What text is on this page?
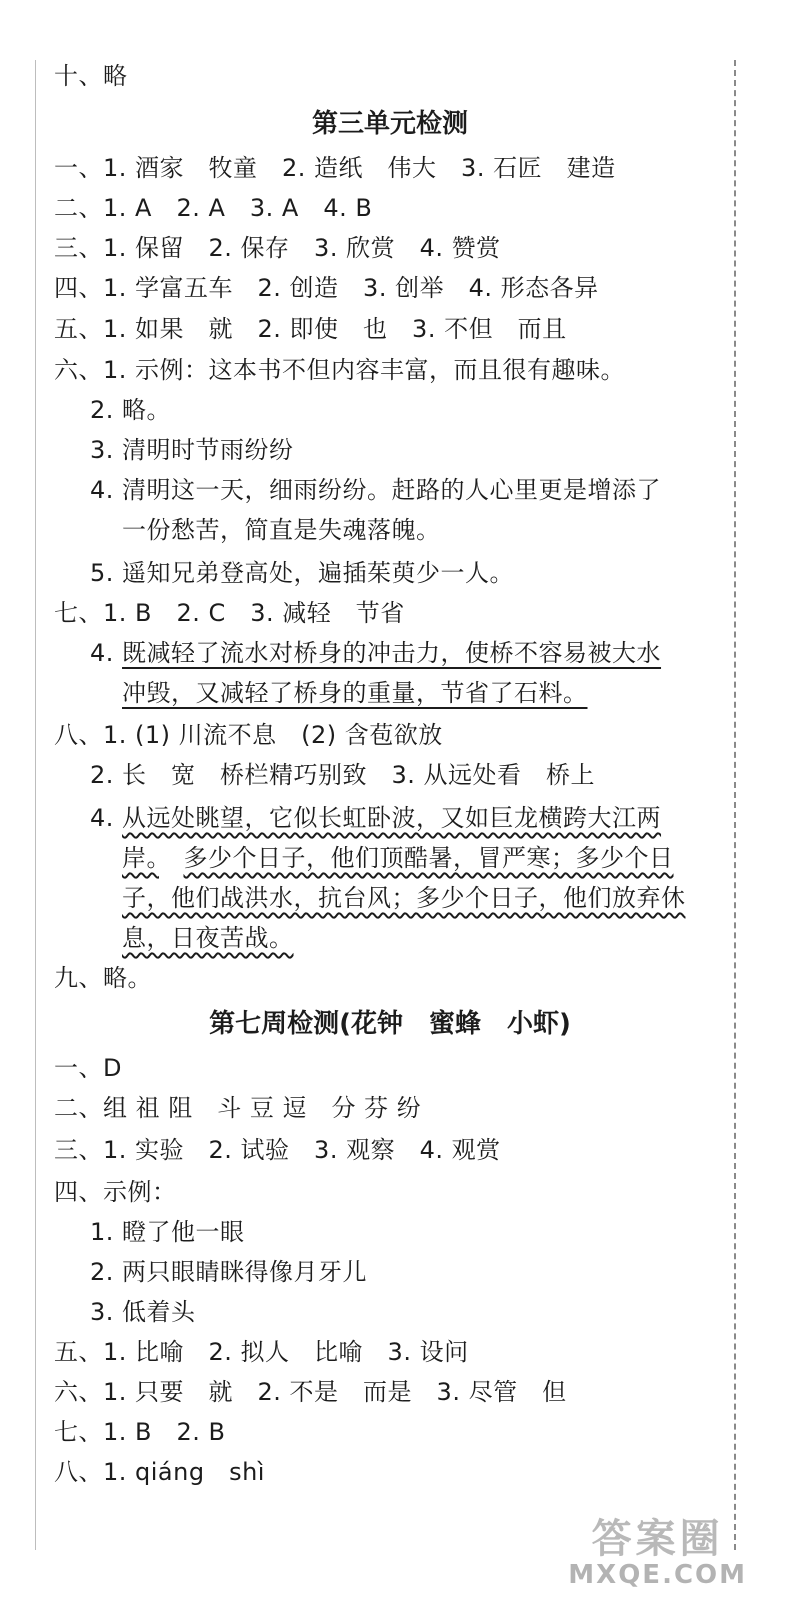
十、略
第三单元检测
一、1. 酒家　牧童　2. 造纸　伟大　3. 石匠　建造
二、1. A　2. A　3. A　4. B
三、1. 保留　2. 保存　3. 欣赏　4. 赞赏
四、1. 学富五车　2. 创造　3. 创举　4. 形态各异
五、1. 如果　就　2. 即使　也　3. 不但　而且
六、1. 示例：这本书不但内容丰富，而且很有趣味。
2. 略。
3. 清明时节雨纷纷
4. 清明这一天，细雨纷纷。赶路的人心里更是增添了
一份愁苦，简直是失魂落魄。
5. 遥知兄弟登高处，遍插茱萸少一人。
七、1. B　2. C　3. 减轻　节省
4. 既减轻了流水对桥身的冲击力，使桥不容易被大水
冲毁，又减轻了桥身的重量，节省了石料。
八、1. (1) 川流不息　(2) 含苞欲放
2. 长　宽　桥栏精巧别致　3. 从远处看　桥上
4. 从远处眺望，它似长虹卧波，又如巨龙横跨大江两
岸。　 多少个日子，他们顶酷暑，冒严寒；多少个日
子，他们战洪水，抗台风；多少个日子，他们放弃休
息，日夜苦战。
九、略。
第七周检测(花钟　蜜蜂　小虾)
一、D
二、组 祖 阻　斗 豆 逗　分 芬 纷
三、1. 实验　2. 试验　3. 观察　4. 观赏
四、示例：
1. 瞪了他一眼
2. 两只眼睛眯得像月牙儿
3. 低着头
五、1. 比喻　2. 拟人　比喻　3. 设问
六、1. 只要　就　2. 不是　而是　3. 尽管　但
七、1. B　2. B
八、1. qiáng　shì
答案圈
MXQE.COM
